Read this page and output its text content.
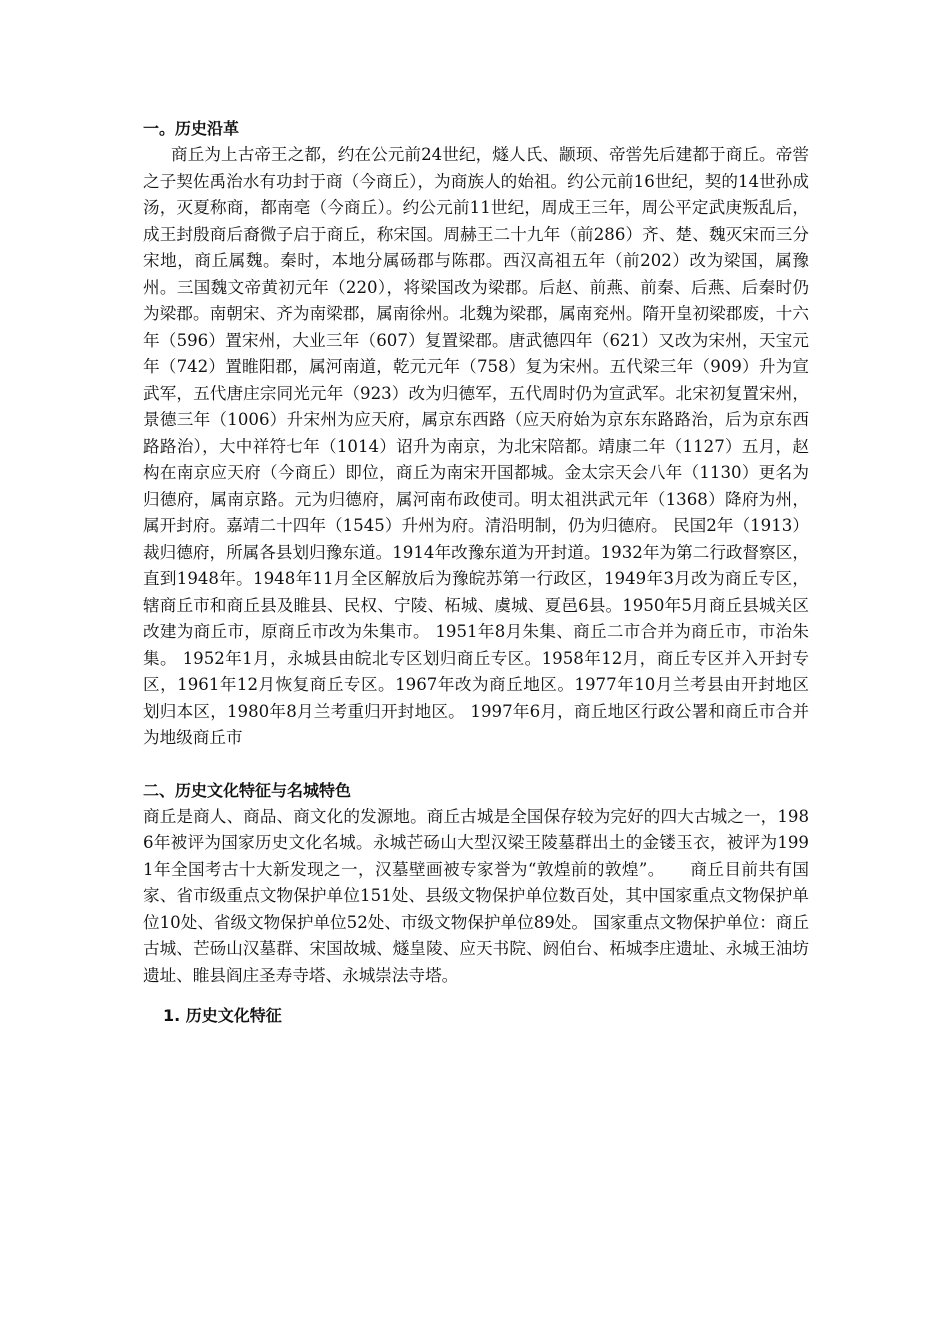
一。历史沿革

商丘为上古帝王之都，约在公元前24世纪，燧人氏、颛顼、帝喾先后建都于商丘。帝喾之子契佐禹治水有功封于商（今商丘），为商族人的始祖。约公元前16世纪，契的14世孙成汤，灭夏称商，都南亳（今商丘）。约公元前11世纪，周成王三年，周公平定武庚叛乱后，成王封殷商后裔微子启于商丘，称宋国。周赫王二十九年（前286）齐、楚、魏灭宋而三分宋地，商丘属魏。秦时，本地分属砀郡与陈郡。西汉高祖五年（前202）改为梁国，属豫州。三国魏文帝黄初元年（220），将梁国改为梁郡。后赵、前燕、前秦、后燕、后秦时仍为梁郡。南朝宋、齐为南梁郡，属南徐州。北魏为梁郡，属南兖州。隋开皇初梁郡废，十六年（596）置宋州，大业三年（607）复置梁郡。唐武德四年（621）又改为宋州，天宝元年（742）置睢阳郡，属河南道，乾元元年（758）复为宋州。五代梁三年（909）升为宣武军，五代唐庄宗同光元年（923）改为归德军，五代周时仍为宣武军。北宋初复置宋州，景德三年（1006）升宋州为应天府，属京东西路（应天府始为京东东路路治，后为京东西路路治），大中祥符七年（1014）诏升为南京，为北宋陪都。靖康二年（1127）五月，赵构在南京应天府（今商丘）即位，商丘为南宋开国都城。金太宗天会八年（1130）更名为归德府，属南京路。元为归德府，属河南布政使司。明太祖洪武元年（1368）降府为州，属开封府。嘉靖二十四年（1545）升州为府。清沿明制，仍为归德府。 民国2年（1913）裁归德府，所属各县划归豫东道。1914年改豫东道为开封道。1932年为第二行政督察区，直到1948年。1948年11月全区解放后为豫皖苏第一行政区，1949年3月改为商丘专区，辖商丘市和商丘县及睢县、民权、宁陵、柘城、虞城、夏邑6县。1950年5月商丘县城关区改建为商丘市，原商丘市改为朱集市。 1951年8月朱集、商丘二市合并为商丘市，市治朱集。 1952年1月，永城县由皖北专区划归商丘专区。1958年12月，商丘专区并入开封专区，1961年12月恢复商丘专区。1967年改为商丘地区。1977年10月兰考县由开封地区划归本区，1980年8月兰考重归开封地区。 1997年6月，商丘地区行政公署和商丘市合并为地级商丘市

二、历史文化特征与名城特色

商丘是商人、商品、商文化的发源地。商丘古城是全国保存较为完好的四大古城之一，1986年被评为国家历史文化名城。永城芒砀山大型汉梁王陵墓群出土的金镂玉衣，被评为1991年全国考古十大新发现之一，汉墓壁画被专家誉为“敦煌前的敦煌”。　　商丘目前共有国家、省市级重点文物保护单位151处、县级文物保护单位数百处，其中国家重点文物保护单位10处、省级文物保护单位52处、市级文物保护单位89处。 国家重点文物保护单位：商丘古城、芒砀山汉墓群、宋国故城、燧皇陵、应天书院、阏伯台、柘城李庄遗址、永城王油坊遗址、睢县阎庄圣寿寺塔、永城崇法寺塔。

1. 历史文化特征
